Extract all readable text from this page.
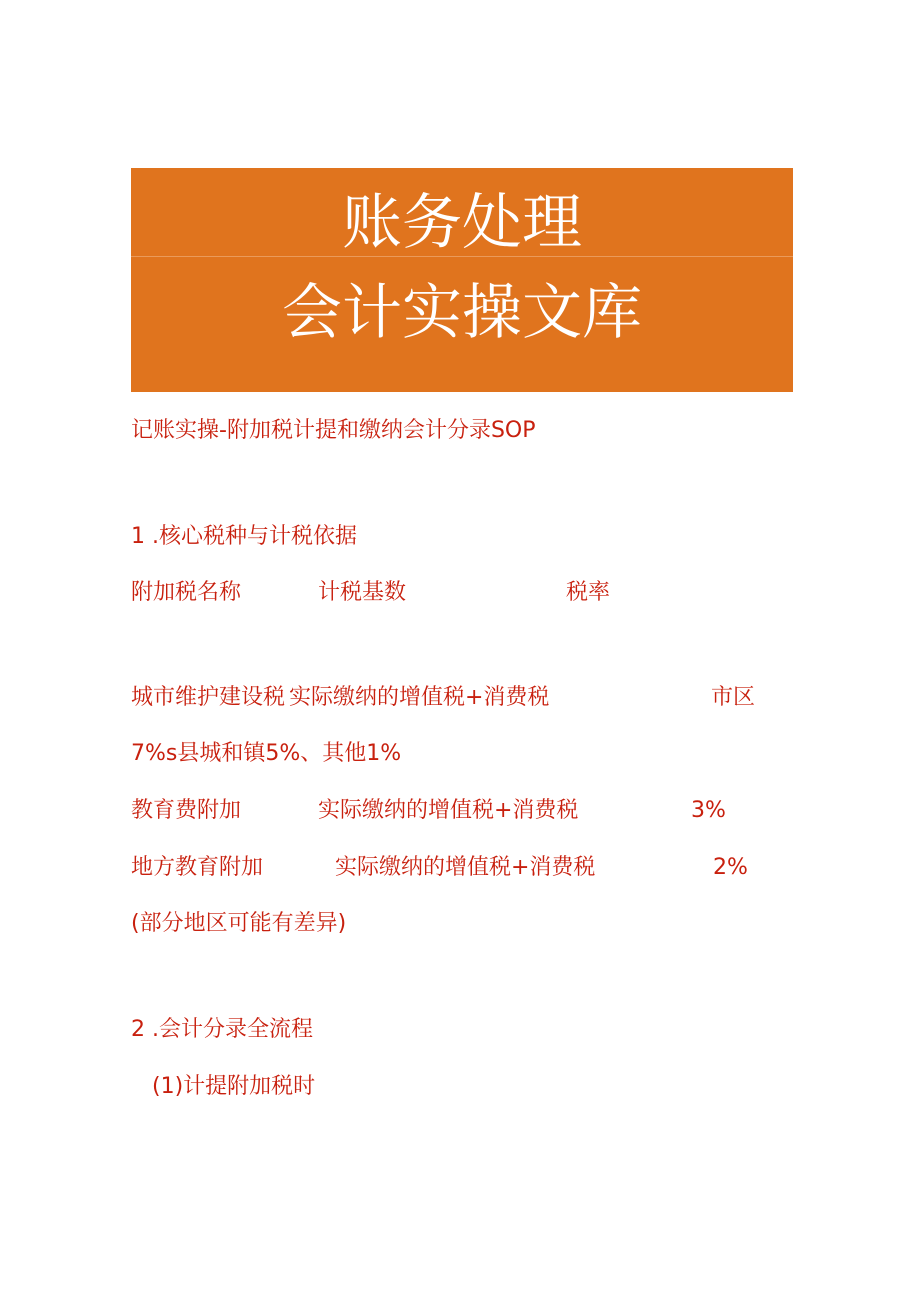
账务处理
会计实操文库
记账实操-附加税计提和缴纳会计分录SOP
1 .核心税种与计税依据
附加税名称	计税基数	税率
城市维护建设税 实际缴纳的增值税+消费税	市区
7%s县城和镇5%、其他1%
教育费附加	实际缴纳的增值税+消费税	3%
地方教育附加	实际缴纳的增值税+消费税	2%
(部分地区可能有差异)
2 .会计分录全流程
(1)计提附加税时
